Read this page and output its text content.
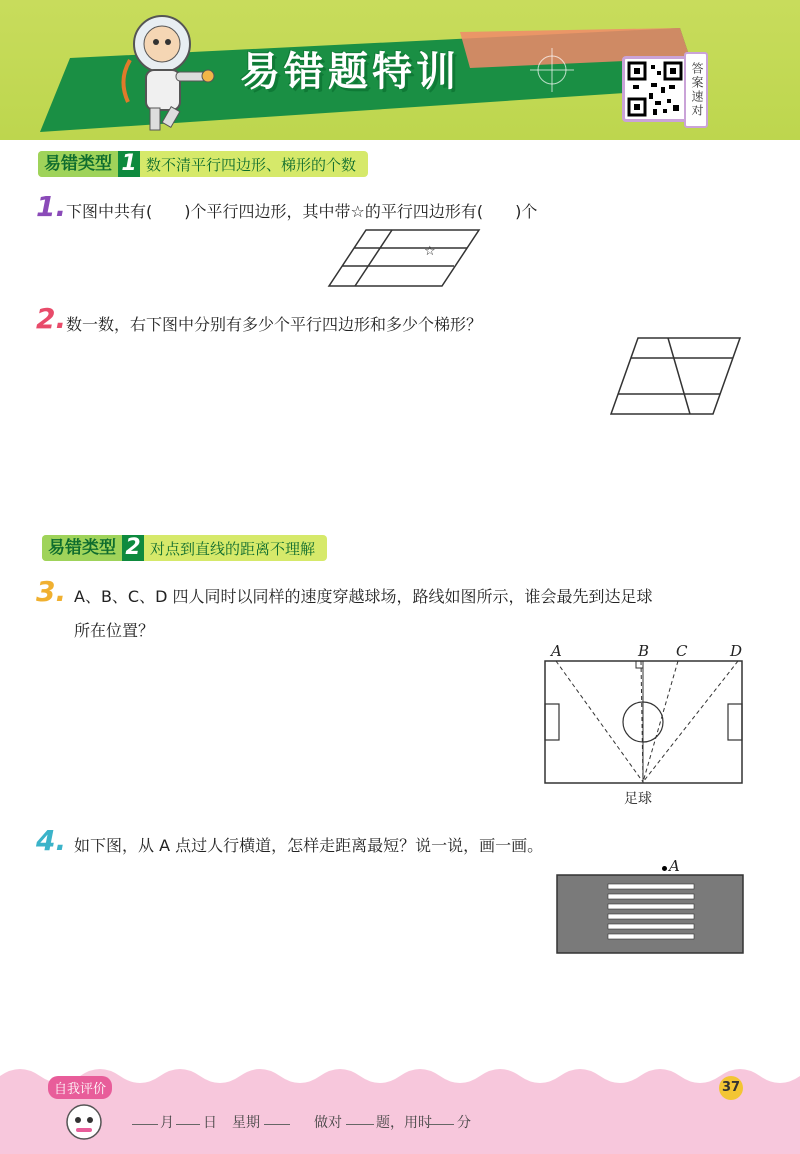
易错题特训	答案速对
易错类型 1 数不清平行四边形、梯形的个数
1. 下图中共有(　　)个平行四边形，其中带☆的平行四边形有(　　)个
☆
2. 数一数，右下图中分别有多少个平行四边形和多少个梯形？
易错类型 2 对点到直线的距离不理解
3. A、B、C、D 四人同时以同样的速度穿越球场，路线如图所示，谁会最先到达足球
所在位置？
A	B C	D
足球
4. 如下图，从 A 点过人行横道，怎样走距离最短？说一说，画一画。
A
自我评价	37
月 日 星期	做对 题，用时 分
